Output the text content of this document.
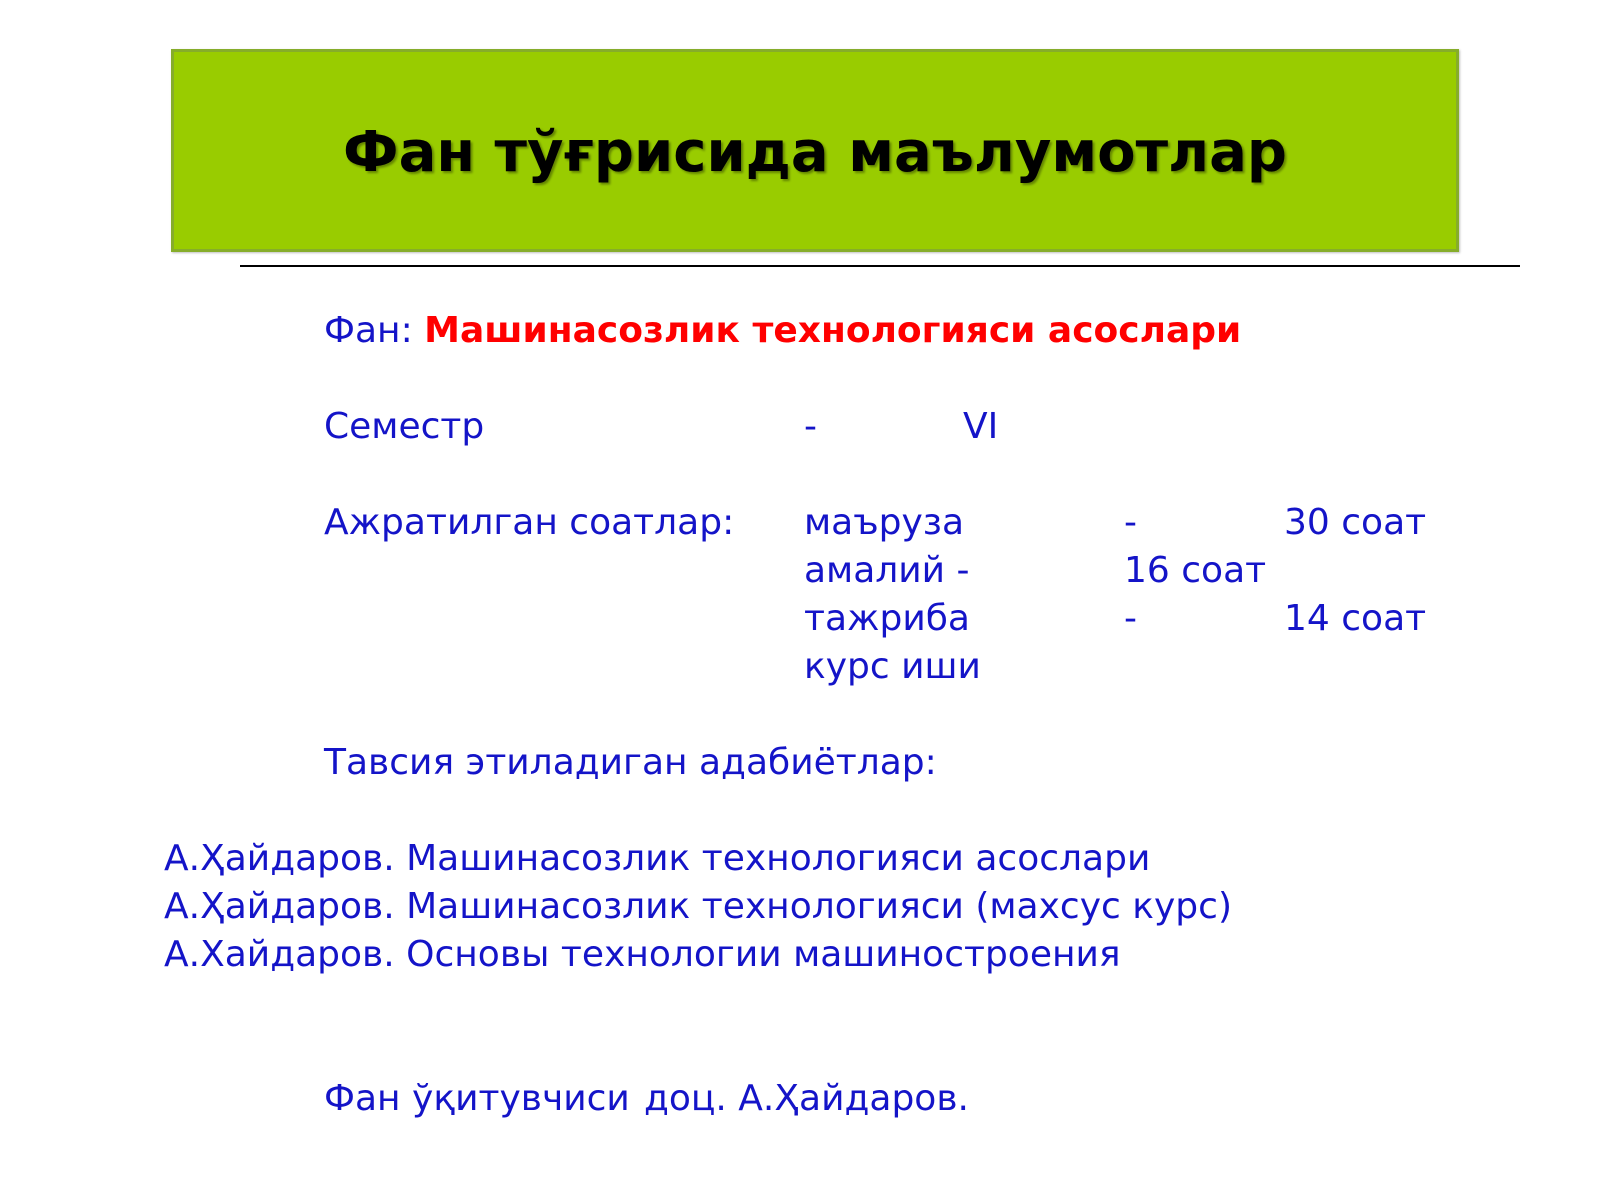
Фан тўғрисида маълумотлар
Фан: Машинасозлик технологияси асослари
Семестр	-	VI
Ажратилган соатлар: маъруза	-	30 соат
амалий -	16 соат
тажриба	-	14 соат
курс иши
Тавсия этиладиган адабиётлар:
А.Ҳайдаров. Машинасозлик технологияси асослари
А.Ҳайдаров. Машинасозлик технологияси (махсус курс)
А.Хайдаров. Основы технологии машиностроения
Фан ўқитувчиси доц. А.Ҳайдаров.
